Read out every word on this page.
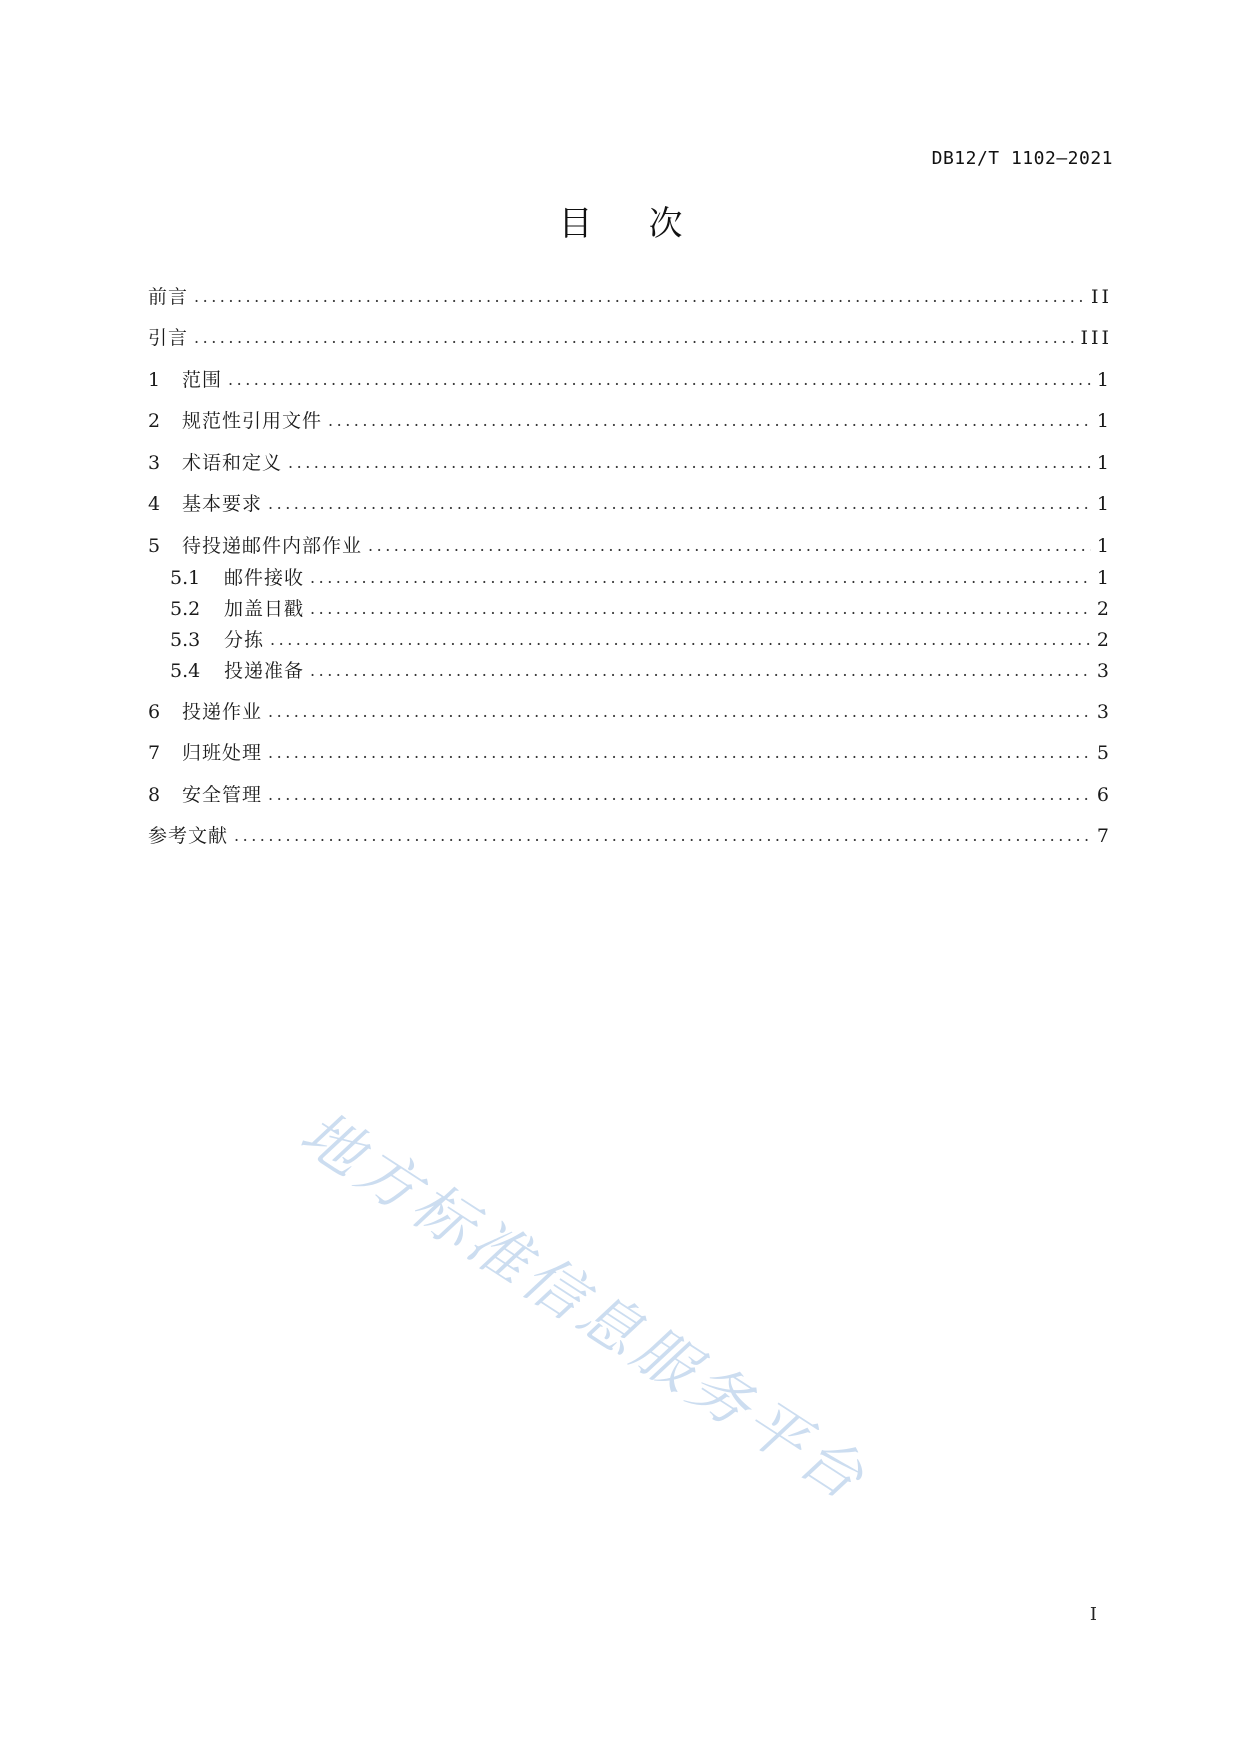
DB12/T 1102—2021
目次
前言 .....	II
引言 .....	III
1	范围 .....	1
2	规范性引用文件 .....	1
3	术语和定义 .....	1
4	基本要求 .....	1
5	待投递邮件内部作业 .....	1
5.1	邮件接收 .....	1
5.2	加盖日戳 .....	2
5.3	分拣 .....	2
5.4	投递准备 .....	3
6	投递作业 .....	3
7	归班处理 .....	5
8	安全管理 .....	6
参考文献 .....	7
地方标准信息服务平台
I
